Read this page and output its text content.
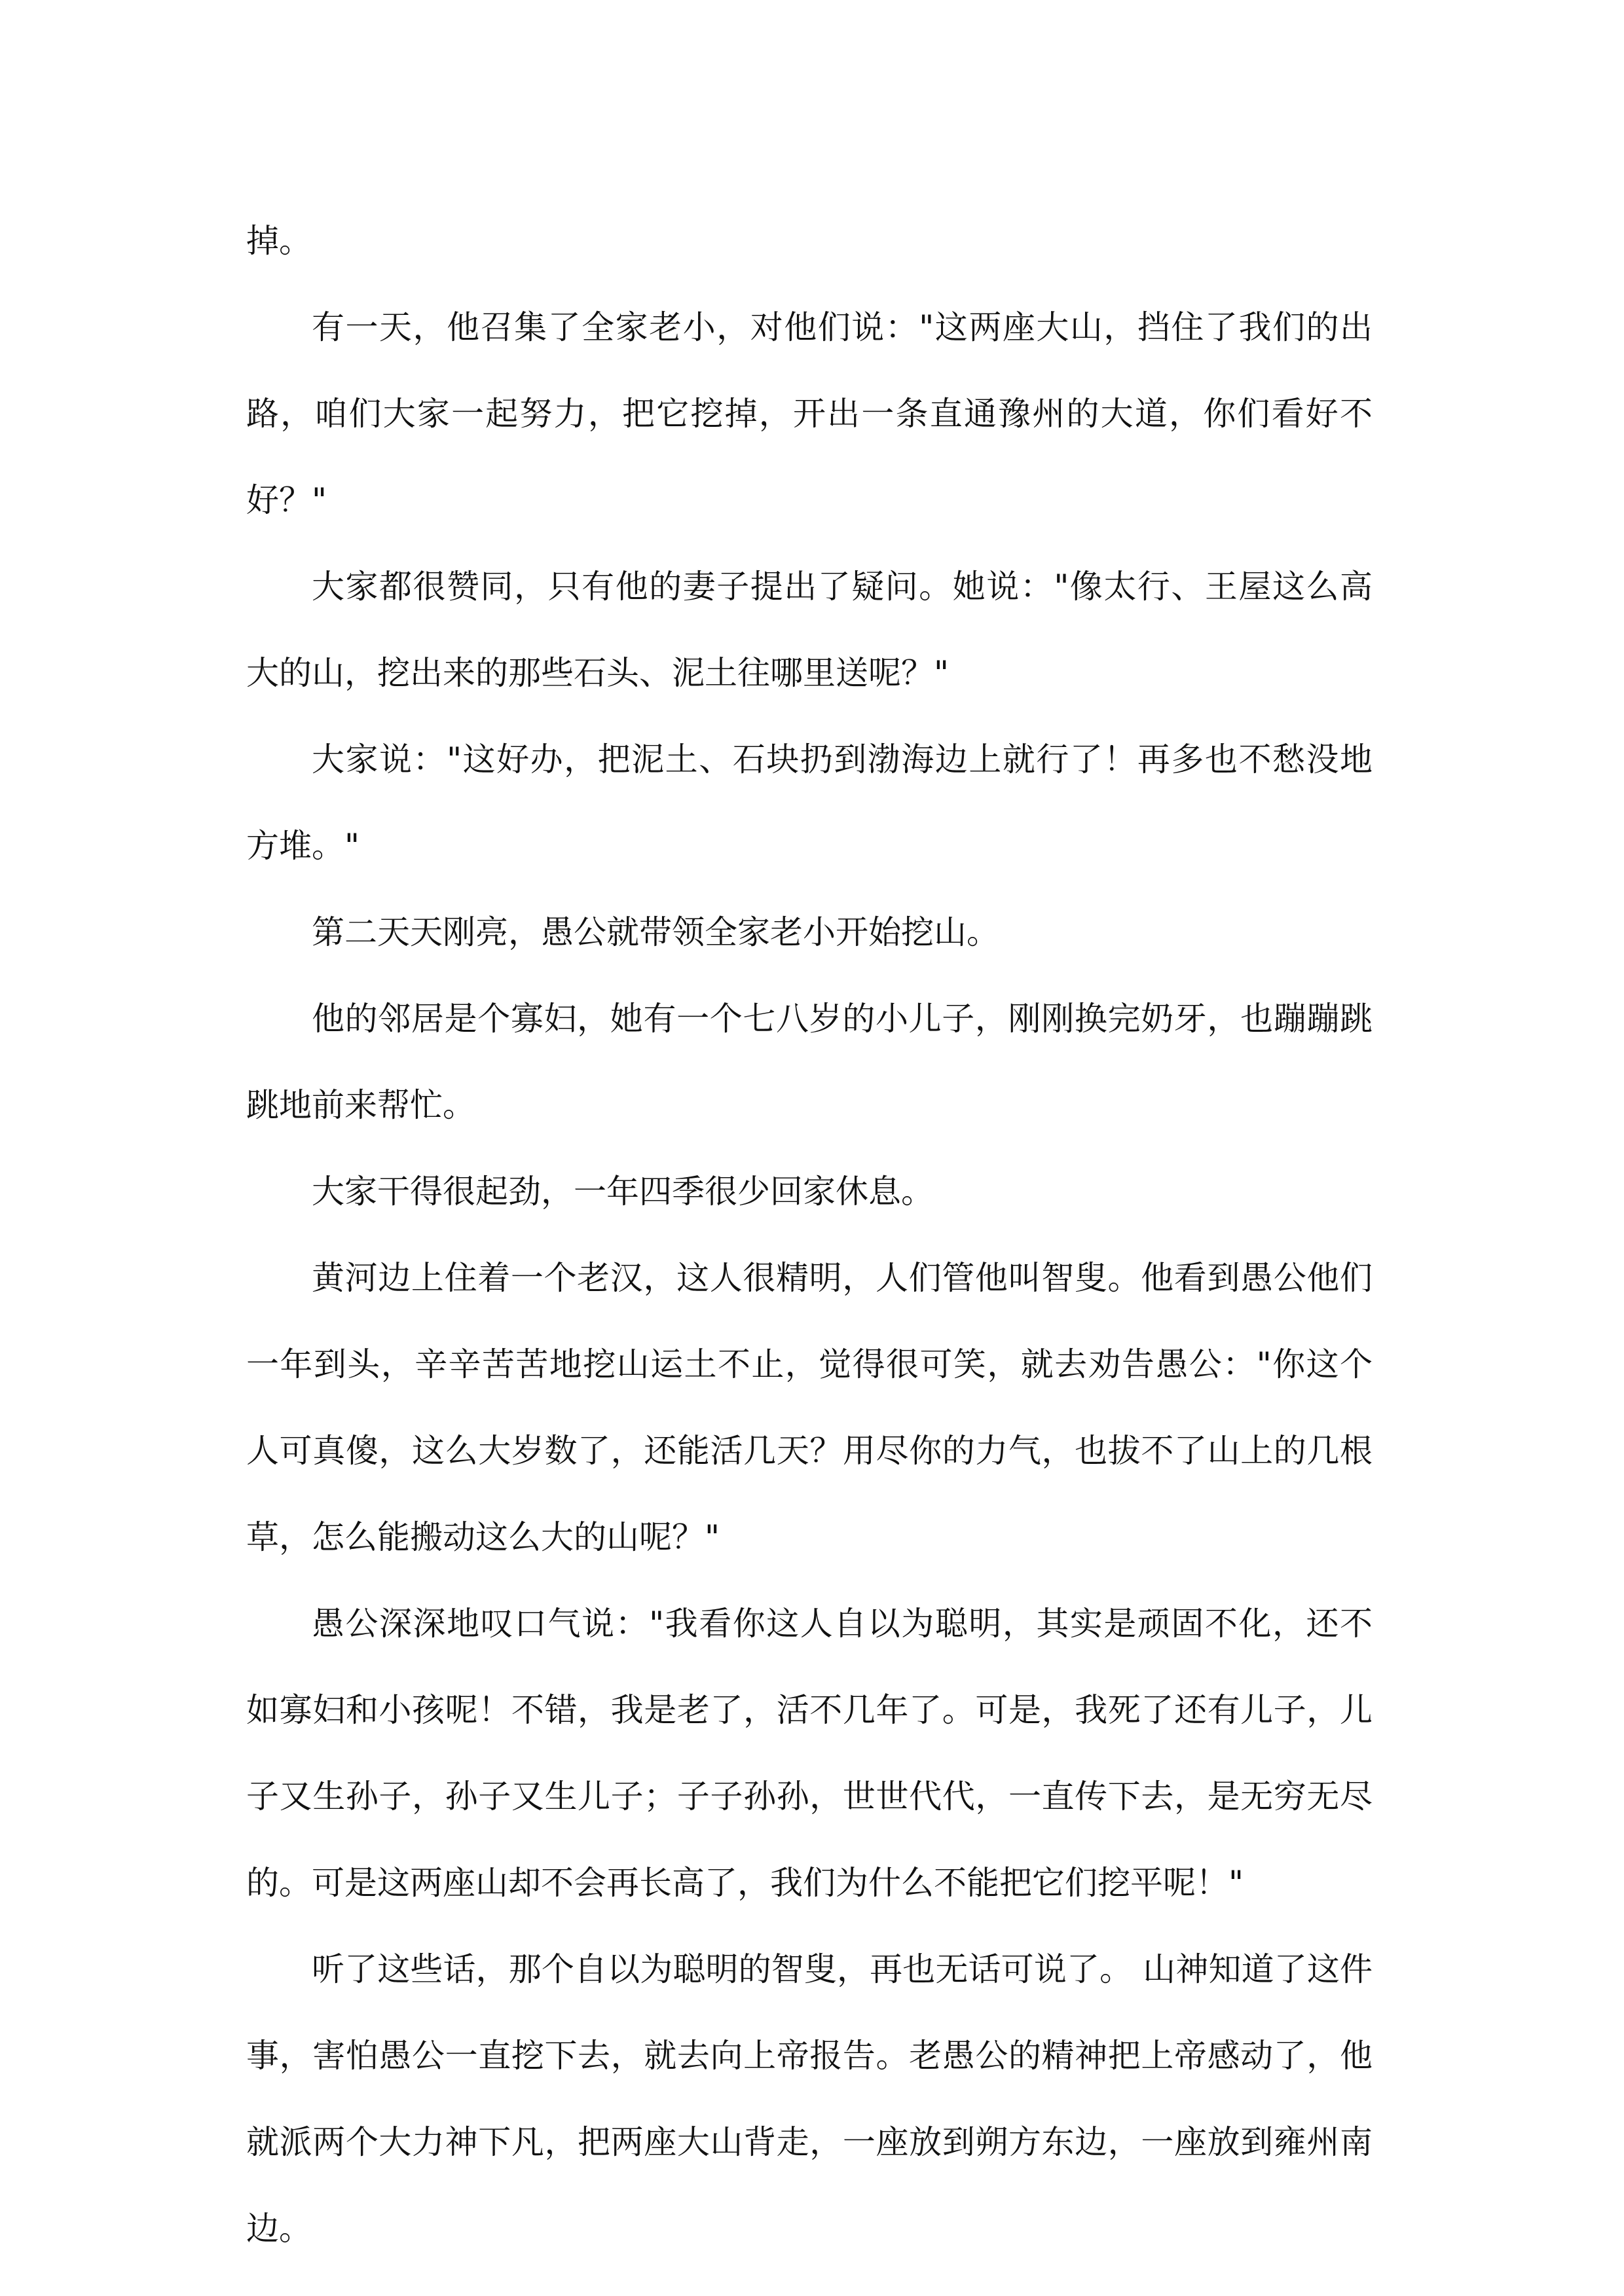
掉。

有一天，他召集了全家老小，对他们说："这两座大山，挡住了我们的出路，咱们大家一起努力，把它挖掉，开出一条直通豫州的大道，你们看好不好？"

大家都很赞同，只有他的妻子提出了疑问。她说："像太行、王屋这么高大的山，挖出来的那些石头、泥土往哪里送呢？"

大家说："这好办，把泥土、石块扔到渤海边上就行了！再多也不愁没地方堆。"

第二天天刚亮，愚公就带领全家老小开始挖山。

他的邻居是个寡妇，她有一个七八岁的小儿子，刚刚换完奶牙，也蹦蹦跳跳地前来帮忙。

大家干得很起劲，一年四季很少回家休息。

黄河边上住着一个老汉，这人很精明，人们管他叫智叟。他看到愚公他们一年到头，辛辛苦苦地挖山运土不止，觉得很可笑，就去劝告愚公："你这个人可真傻，这么大岁数了，还能活几天？用尽你的力气，也拔不了山上的几根草，怎么能搬动这么大的山呢？"

愚公深深地叹口气说："我看你这人自以为聪明，其实是顽固不化，还不如寡妇和小孩呢！不错，我是老了，活不几年了。可是，我死了还有儿子，儿子又生孙子，孙子又生儿子；子子孙孙，世世代代，一直传下去，是无穷无尽的。可是这两座山却不会再长高了，我们为什么不能把它们挖平呢！"

听了这些话，那个自以为聪明的智叟，再也无话可说了。 山神知道了这件事，害怕愚公一直挖下去，就去向上帝报告。老愚公的精神把上帝感动了，他就派两个大力神下凡，把两座大山背走，一座放到朔方东边，一座放到雍州南边。
